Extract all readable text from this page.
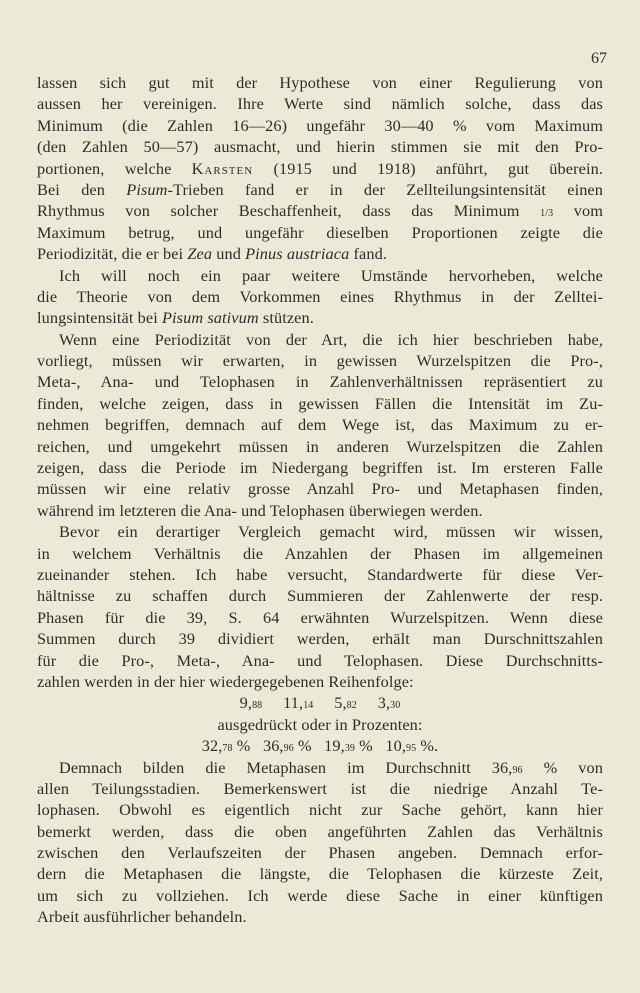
67
lassen sich gut mit der Hypothese von einer Regulierung von
aussen her vereinigen. Ihre Werte sind nämlich solche, dass das
Minimum (die Zahlen 16—26) ungefähr 30—40 % vom Maximum
(den Zahlen 50—57) ausmacht, und hierin stimmen sie mit den Pro-
portionen, welche Karsten (1915 und 1918) anführt, gut überein.
Bei den Pisum-Trieben fand er in der Zellteilungsintensität einen
Rhythmus von solcher Beschaffenheit, dass das Minimum 1/3 vom
Maximum betrug, und ungefähr dieselben Proportionen zeigte die
Periodizität, die er bei Zea und Pinus austriaca fand.
Ich will noch ein paar weitere Umstände hervorheben, welche
die Theorie von dem Vorkommen eines Rhythmus in der Zelltei-
lungsintensität bei Pisum sativum stützen.
Wenn eine Periodizität von der Art, die ich hier beschrieben habe,
vorliegt, müssen wir erwarten, in gewissen Wurzelspitzen die Pro-,
Meta-, Ana- und Telophasen in Zahlenverhältnissen repräsentiert zu
finden, welche zeigen, dass in gewissen Fällen die Intensität im Zu-
nehmen begriffen, demnach auf dem Wege ist, das Maximum zu er-
reichen, und umgekehrt müssen in anderen Wurzelspitzen die Zahlen
zeigen, dass die Periode im Niedergang begriffen ist. Im ersteren Falle
müssen wir eine relativ grosse Anzahl Pro- und Metaphasen finden,
während im letzteren die Ana- und Telophasen überwiegen werden.
Bevor ein derartiger Vergleich gemacht wird, müssen wir wissen,
in welchem Verhältnis die Anzahlen der Phasen im allgemeinen
zueinander stehen. Ich habe versucht, Standardwerte für diese Ver-
hältnisse zu schaffen durch Summieren der Zahlenwerte der resp.
Phasen für die 39, S. 64 erwähnten Wurzelspitzen. Wenn diese
Summen durch 39 dividiert werden, erhält man Durschnittszahlen
für die Pro-, Meta-, Ana- und Telophasen. Diese Durchschnitts-
zahlen werden in der hier wiedergegebenen Reihenfolge:
9,88     11,14     5,82     3,30
ausgedrückt oder in Prozenten:
32,78 %   36,96 %   19,39 %   10,95 %.
Demnach bilden die Metaphasen im Durchschnitt 36,96 % von
allen Teilungsstadien. Bemerkenswert ist die niedrige Anzahl Te-
lophasen. Obwohl es eigentlich nicht zur Sache gehört, kann hier
bemerkt werden, dass die oben angeführten Zahlen das Verhältnis
zwischen den Verlaufszeiten der Phasen angeben. Demnach erfor-
dern die Metaphasen die längste, die Telophasen die kürzeste Zeit,
um sich zu vollziehen. Ich werde diese Sache in einer künftigen
Arbeit ausführlicher behandeln.
